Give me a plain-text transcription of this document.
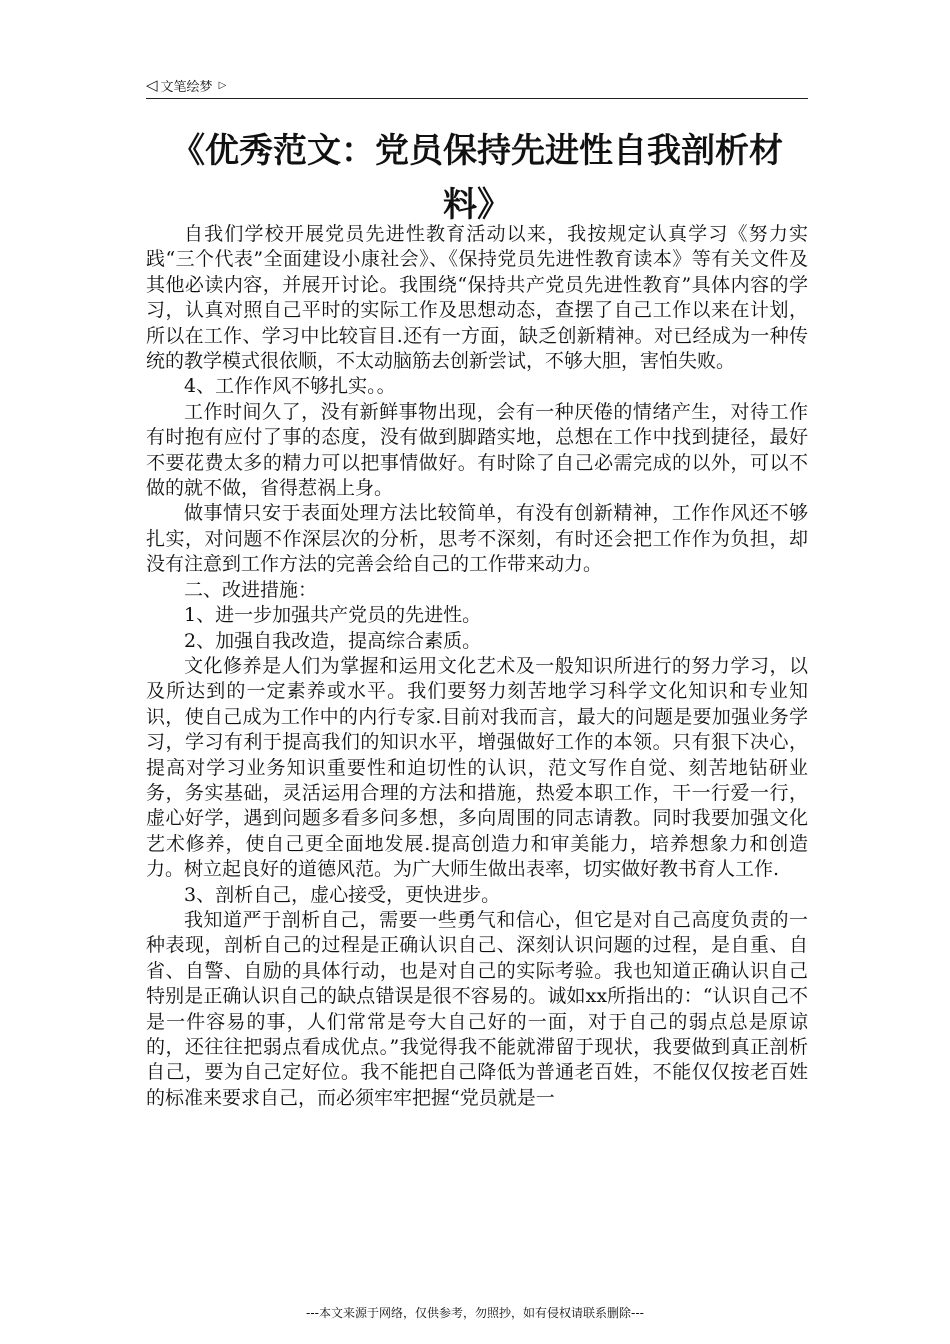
◁ 文笔绘梦 ▷
《优秀范文：党员保持先进性自我剖析材料》

自我们学校开展党员先进性教育活动以来，我按规定认真学习《努力实践“三个代表”全面建设小康社会》、《保持党员先进性教育读本》等有关文件及其他必读内容，并展开讨论。我围绕“保持共产党员先进性教育”具体内容的学习，认真对照自己平时的实际工作及思想动态，查摆了自己工作以来在计划，所以在工作、学习中比较盲目.还有一方面，缺乏创新精神。对已经成为一种传统的教学模式很依顺，不太动脑筋去创新尝试，不够大胆，害怕失败。

4、工作作风不够扎实。。

工作时间久了，没有新鲜事物出现，会有一种厌倦的情绪产生，对待工作有时抱有应付了事的态度，没有做到脚踏实地，总想在工作中找到捷径，最好不要花费太多的精力可以把事情做好。有时除了自己必需完成的以外，可以不做的就不做，省得惹祸上身。

做事情只安于表面处理方法比较简单，有没有创新精神，工作作风还不够扎实，对问题不作深层次的分析，思考不深刻，有时还会把工作作为负担，却没有注意到工作方法的完善会给自己的工作带来动力。

二、改进措施：

1、进一步加强共产党员的先进性。

2、加强自我改造，提高综合素质。

文化修养是人们为掌握和运用文化艺术及一般知识所进行的努力学习，以及所达到的一定素养或水平。我们要努力刻苦地学习科学文化知识和专业知识，使自己成为工作中的内行专家.目前对我而言，最大的问题是要加强业务学习，学习有利于提高我们的知识水平，增强做好工作的本领。只有狠下决心，提高对学习业务知识重要性和迫切性的认识，范文写作自觉、刻苦地钻研业务，务实基础，灵活运用合理的方法和措施，热爱本职工作，干一行爱一行，虚心好学，遇到问题多看多问多想，多向周围的同志请教。同时我要加强文化艺术修养，使自己更全面地发展.提高创造力和审美能力，培养想象力和创造力。树立起良好的道德风范。为广大师生做出表率，切实做好教书育人工作.

3、剖析自己，虚心接受，更快进步。

我知道严于剖析自己，需要一些勇气和信心，但它是对自己高度负责的一种表现，剖析自己的过程是正确认识自己、深刻认识问题的过程，是自重、自省、自警、自励的具体行动，也是对自己的实际考验。我也知道正确认识自己特别是正确认识自己的缺点错误是很不容易的。诚如xx所指出的：“认识自己不是一件容易的事，人们常常是夸大自己好的一面，对于自己的弱点总是原谅的，还往往把弱点看成优点。”我觉得我不能就滞留于现状，我要做到真正剖析自己，要为自己定好位。我不能把自己降低为普通老百姓，不能仅仅按老百姓的标准来要求自己，而必须牢牢把握“党员就是一

---本文来源于网络，仅供参考，勿照抄，如有侵权请联系删除---
